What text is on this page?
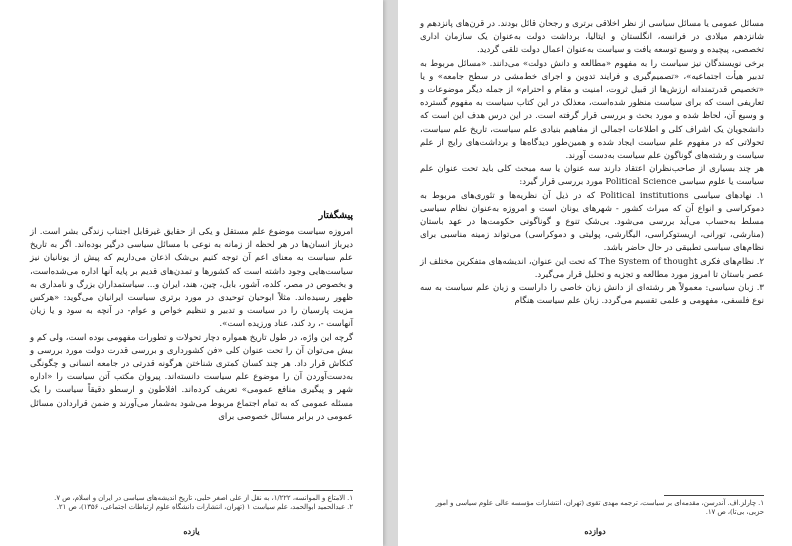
پیشگفتار

امروزه سیاست موضوع علم مستقل و یکی از حقایق غیرقابل اجتناب زندگی بشر است. از دیرباز انسان‌ها در هر لحظه از زمانه به نوعی با مسائل سیاسی درگیر بوده‌اند. اگر به تاریخ علم سیاست به معنای اعم آن توجه کنیم بی‌شک اذعان می‌داریم که پیش از یونانیان نیز سیاست‌هایی وجود داشته است که کشورها و تمدن‌های قدیم بر پایه آنها اداره می‌شده‌است، و بخصوص در مصر، کلده، آشور، بابل، چین، هند، ایران و... سیاستمداران بزرگ و نامداری به ظهور رسیده‌اند. مثلاً ابوحیان توحیدی در مورد برتری سیاست ایرانیان می‌گوید: «هرکس مزیت پارسیان را در سیاست و تدبیر و تنظیم خواص و عوام- در آنچه به سود و یا زیان آنهاست -، رد کند، عناد ورزیده است».

گرچه این واژه، در طول تاریخ همواره دچار تحولات و تطورات مفهومی بوده است، ولی کم و بیش می‌توان آن را تحت عنوان کلی «فن کشورداری و بررسی قدرت دولت مورد بررسی و کنکاش قرار داد. هر چند کسان کمتری شناختن هرگونه قدرتی در جامعه انسانی و چگونگی به‌دست‌آوردن آن را موضوع علم سیاست دانسته‌اند. پیروان مکتب آتن سیاست را «اداره شهر و پیگیری منافع عمومی» تعریف کرده‌اند. افلاطون و ارسطو دقیقاً سیاست را یک مسئله عمومی که به تمام اجتماع مربوط می‌شود به‌شمار می‌آورند و ضمن قراردادن مسائل عمومی در برابر مسائل خصوصی برای

۱. الامتاع و الموانسه، ۱/۲۲۲، به نقل از علی اصغر حلبی، تاریخ اندیشه‌های سیاسی در ایران و اسلام، ص ۷.
۲. عبدالحمید ابوالحمد، علم سیاست ۱ (تهران، انتشارات دانشگاه علوم ارتباطات اجتماعی، ۱۳۵۶)، ص ۲۱.
یازده

مسائل عمومی یا مسائل سیاسی از نظر اخلاقی برتری و رجحان قائل بودند. در قرن‌های پانزدهم و شانزدهم میلادی در فرانسه، انگلستان و ایتالیا، برداشت دولت به‌عنوان یک سازمان اداری تخصصی، پیچیده و وسیع توسعه یافت و سیاست به‌عنوان اعمال دولت تلقی گردید.

برخی نویسندگان نیز سیاست را به مفهوم «مطالعه و دانش دولت» می‌دانند. «مسائل مربوط به تدبیر هیأت اجتماعیه»، «تصمیم‌گیری و فرایند تدوین و اجرای خط‌مشی در سطح جامعه» و یا «تخصیص قدرتمندانه ارزش‌ها از قبیل ثروت، امنیت و مقام و احترام» از جمله دیگر موضوعات و تعاریفی است که برای سیاست منظور شده‌است، معذلک در این کتاب سیاست به مفهوم گسترده و وسیع آن، لحاظ شده و مورد بحث و بررسی قرار گرفته است. در این درس هدف این است که دانشجویان یک اشراف کلی و اطلاعات اجمالی از مفاهیم بنیادی علم سیاست، تاریخ علم سیاست، تحولاتی که در مفهوم علم سیاست ایجاد شده و همین‌طور دیدگاه‌ها و برداشت‌های رایج از علم سیاست و رشته‌های گوناگون علم سیاست به‌دست آورند.

هر چند بسیاری از صاحب‌نظران اعتقاد دارند سه عنوان یا سه مبحث کلی باید تحت عنوان علم سیاست یا علوم سیاسی Political Science مورد بررسی قرار گیرد:

۱. نهادهای سیاسی Political institutions که در ذیل آن نظریه‌ها و تئوری‌های مربوط به دموکراسی و انواع آن که میراث کشور - شهرهای یونان است و امروزه به‌عنوان نظام سیاسی مسلط به‌حساب می‌آید بررسی می‌شود. بی‌شک تنوع و گوناگونی حکومت‌ها در عهد باستان (منارشی، تورانی، اریستوکراسی، الیگارشی، پولیتی و دموکراسی) می‌تواند زمینه مناسبی برای نظام‌های سیاسی تطبیقی در حال حاضر باشد.

۲. نظام‌های فکری The System of thought که تحت این عنوان، اندیشه‌های متفکرین مختلف از عصر باستان تا امروز مورد مطالعه و تجزیه و تحلیل قرار می‌گیرد.

۳. زبان سیاسی: معمولاً هر رشته‌ای از دانش زبان خاصی را داراست و زبان علم سیاست به سه نوع فلسفی، مفهومی و علمی تقسیم می‌گردد. زبان علم سیاست هنگام

۱. چارلز.اف. آندرسن، مقدمه‌ای بر سیاست، ترجمه مهدی تقوی (تهران، انتشارات مؤسسه عالی علوم سیاسی و امور حزبی، بی‌تا)، ص ۱۷.
دوازده
